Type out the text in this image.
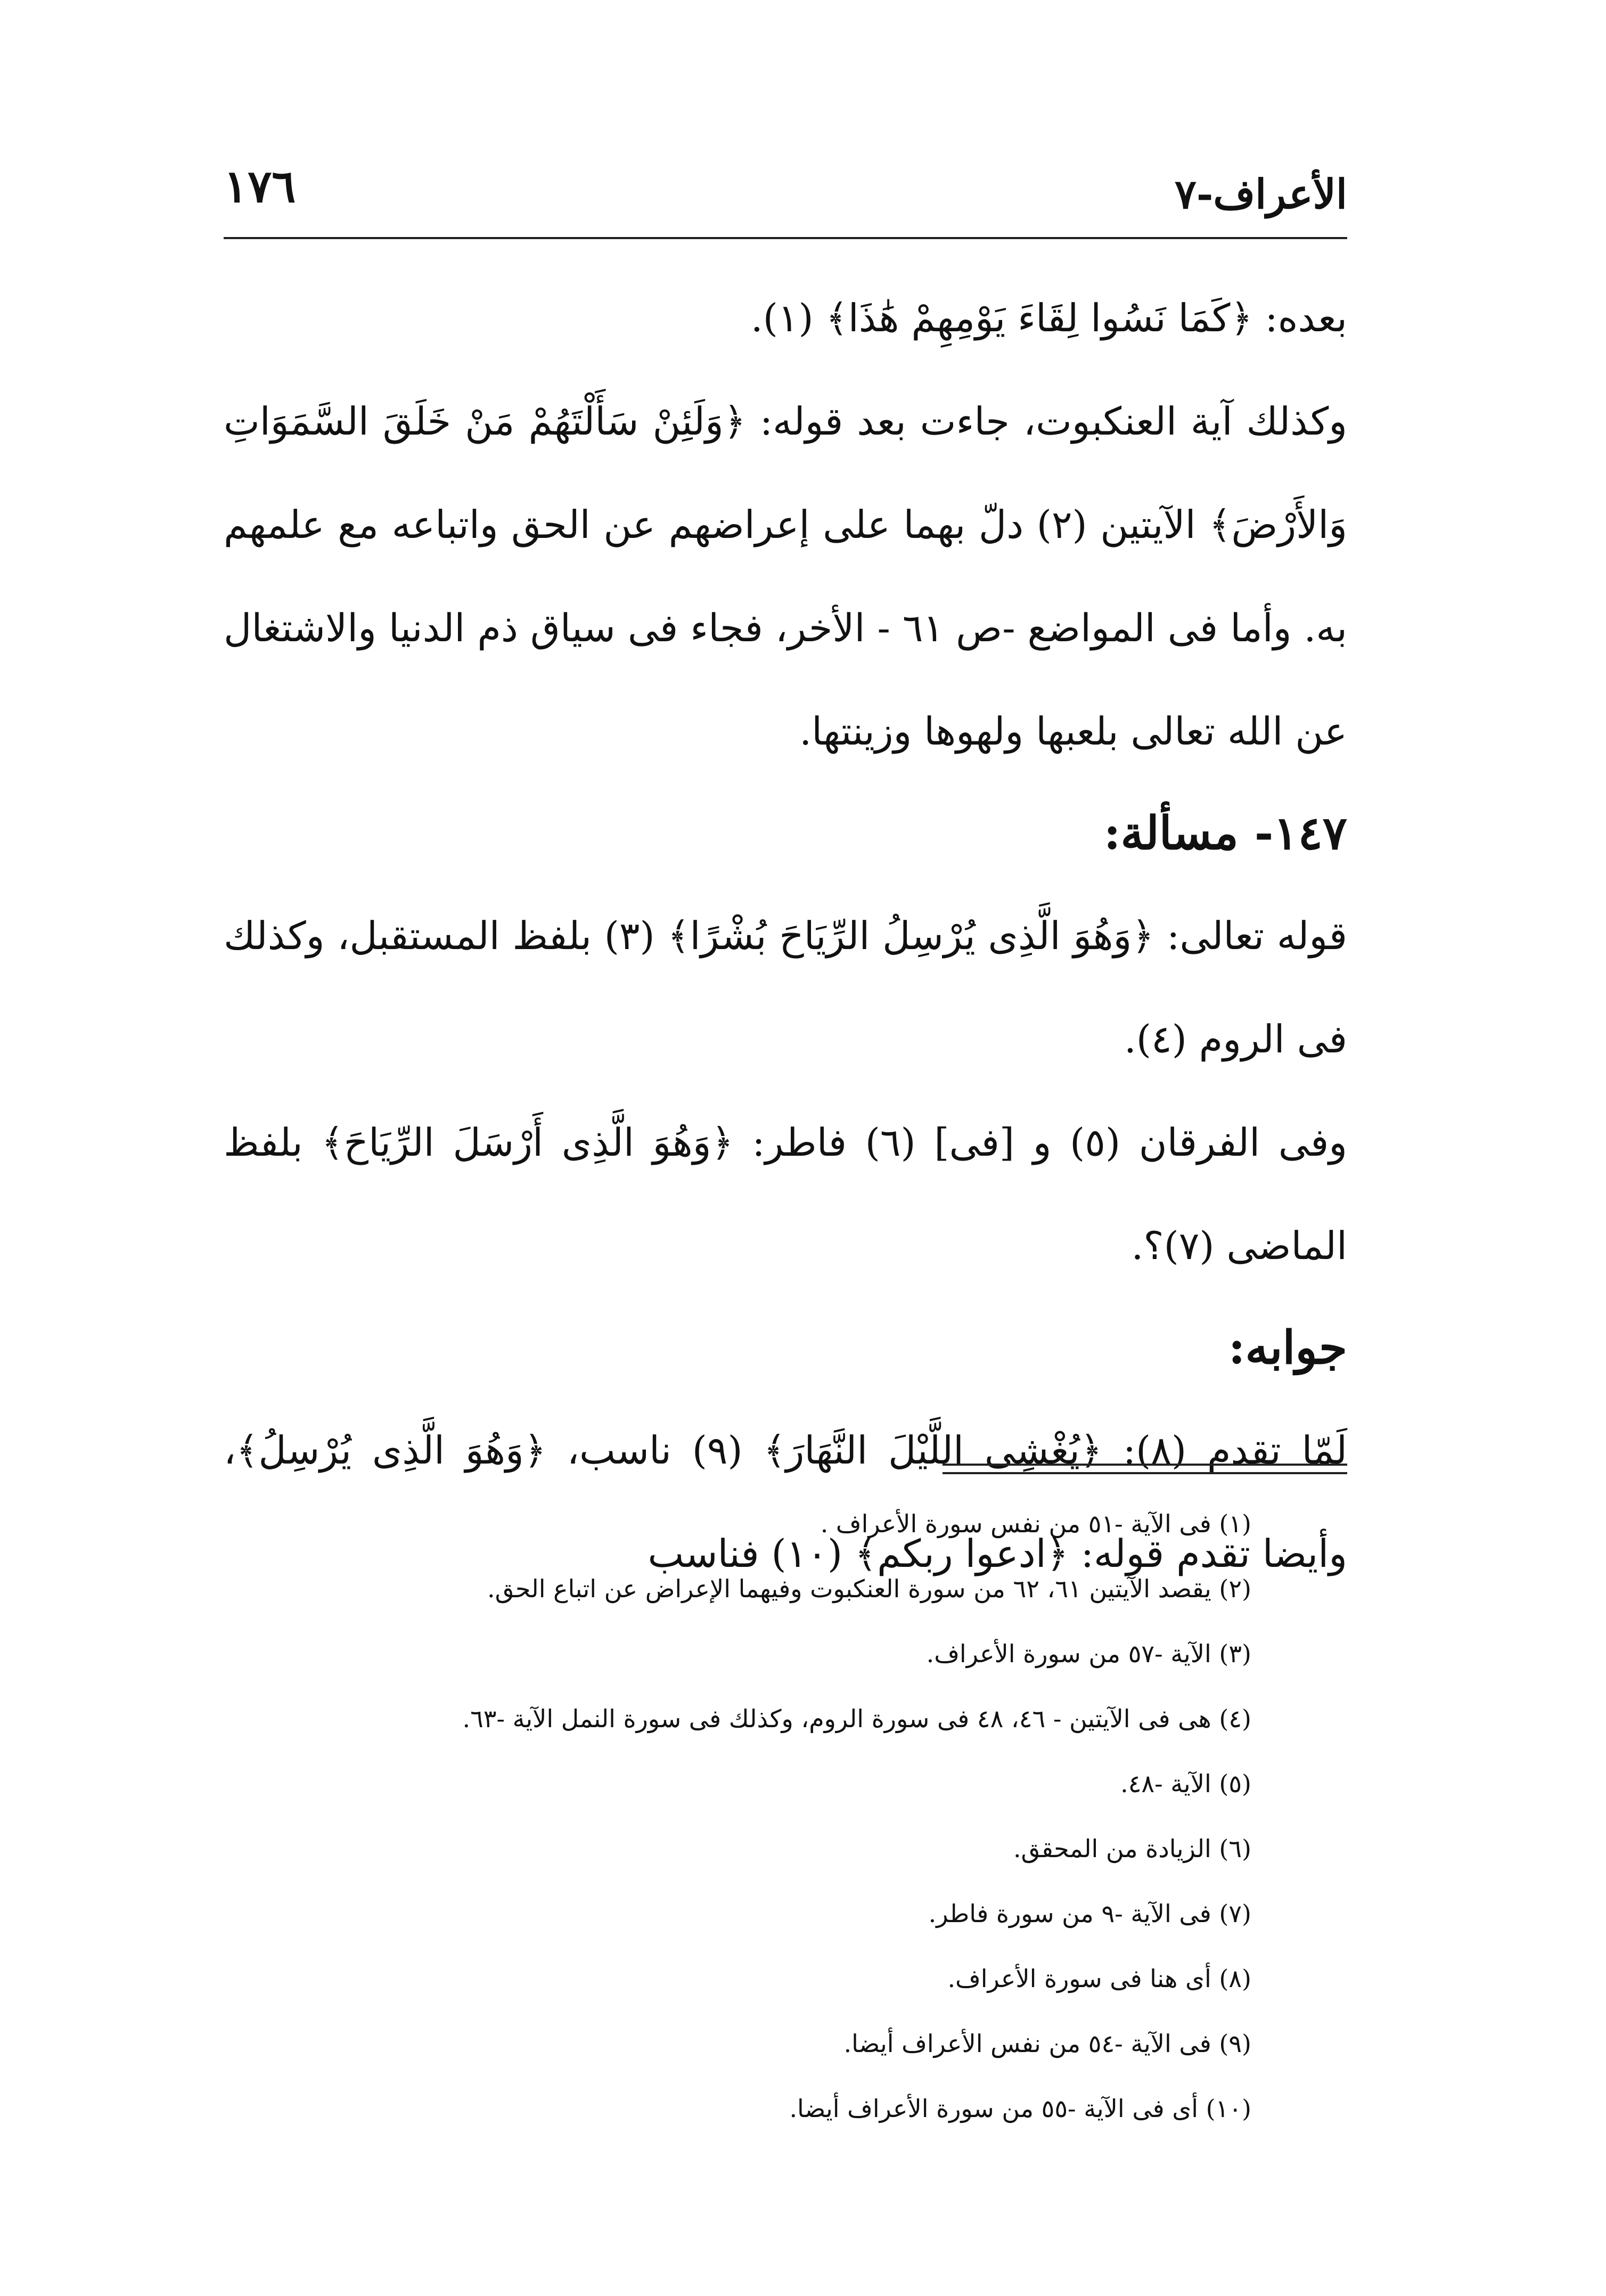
١٧٦	الأعراف-٧

بعده: ﴿كَمَا نَسُوا لِقَاءَ يَوْمِهِمْ هَٰذَا﴾ (١).

وكذلك آية العنكبوت، جاءت بعد قوله: ﴿وَلَئِنْ سَأَلْتَهُمْ مَنْ خَلَقَ السَّمَوَاتِ وَالأَرْضَ﴾ الآيتين (٢) دلّ بهما على إعراضهم عن الحق واتباعه مع علمهم به. وأما فى المواضع -ص ٦١ - الأخر، فجاء فى سياق ذم الدنيا والاشتغال عن الله تعالى بلعبها ولهوها وزينتها.

١٤٧- مسألة:

قوله تعالى: ﴿وَهُوَ الَّذِى يُرْسِلُ الرِّيَاحَ بُشْرًا﴾ (٣) بلفظ المستقبل، وكذلك فى الروم (٤).

وفى الفرقان (٥) و [فى] (٦) فاطر: ﴿وَهُوَ الَّذِى أَرْسَلَ الرِّيَاحَ﴾ بلفظ الماضى (٧)؟.

جوابه:

لَمّا تقدم (٨): ﴿يُغْشِى اللَّيْلَ النَّهَارَ﴾ (٩) ناسب، ﴿وَهُوَ الَّذِى يُرْسِلُ﴾، وأيضا تقدم قوله: ﴿ادعوا ربكم﴾ (١٠) فناسب

(١) فى الآية -٥١ من نفس سورة الأعراف .

(٢) يقصد الآيتين ٦١، ٦٢ من سورة العنكبوت وفيهما الإعراض عن اتباع الحق.

(٣) الآية -٥٧ من سورة الأعراف.

(٤) هى فى الآيتين - ٤٦، ٤٨ فى سورة الروم، وكذلك فى سورة النمل الآية -٦٣.

(٥) الآية -٤٨.

(٦) الزيادة من المحقق.

(٧) فى الآية -٩ من سورة فاطر.

(٨) أى هنا فى سورة الأعراف.

(٩) فى الآية -٥٤ من نفس الأعراف أيضا.

(١٠) أى فى الآية -٥٥ من سورة الأعراف أيضا.
